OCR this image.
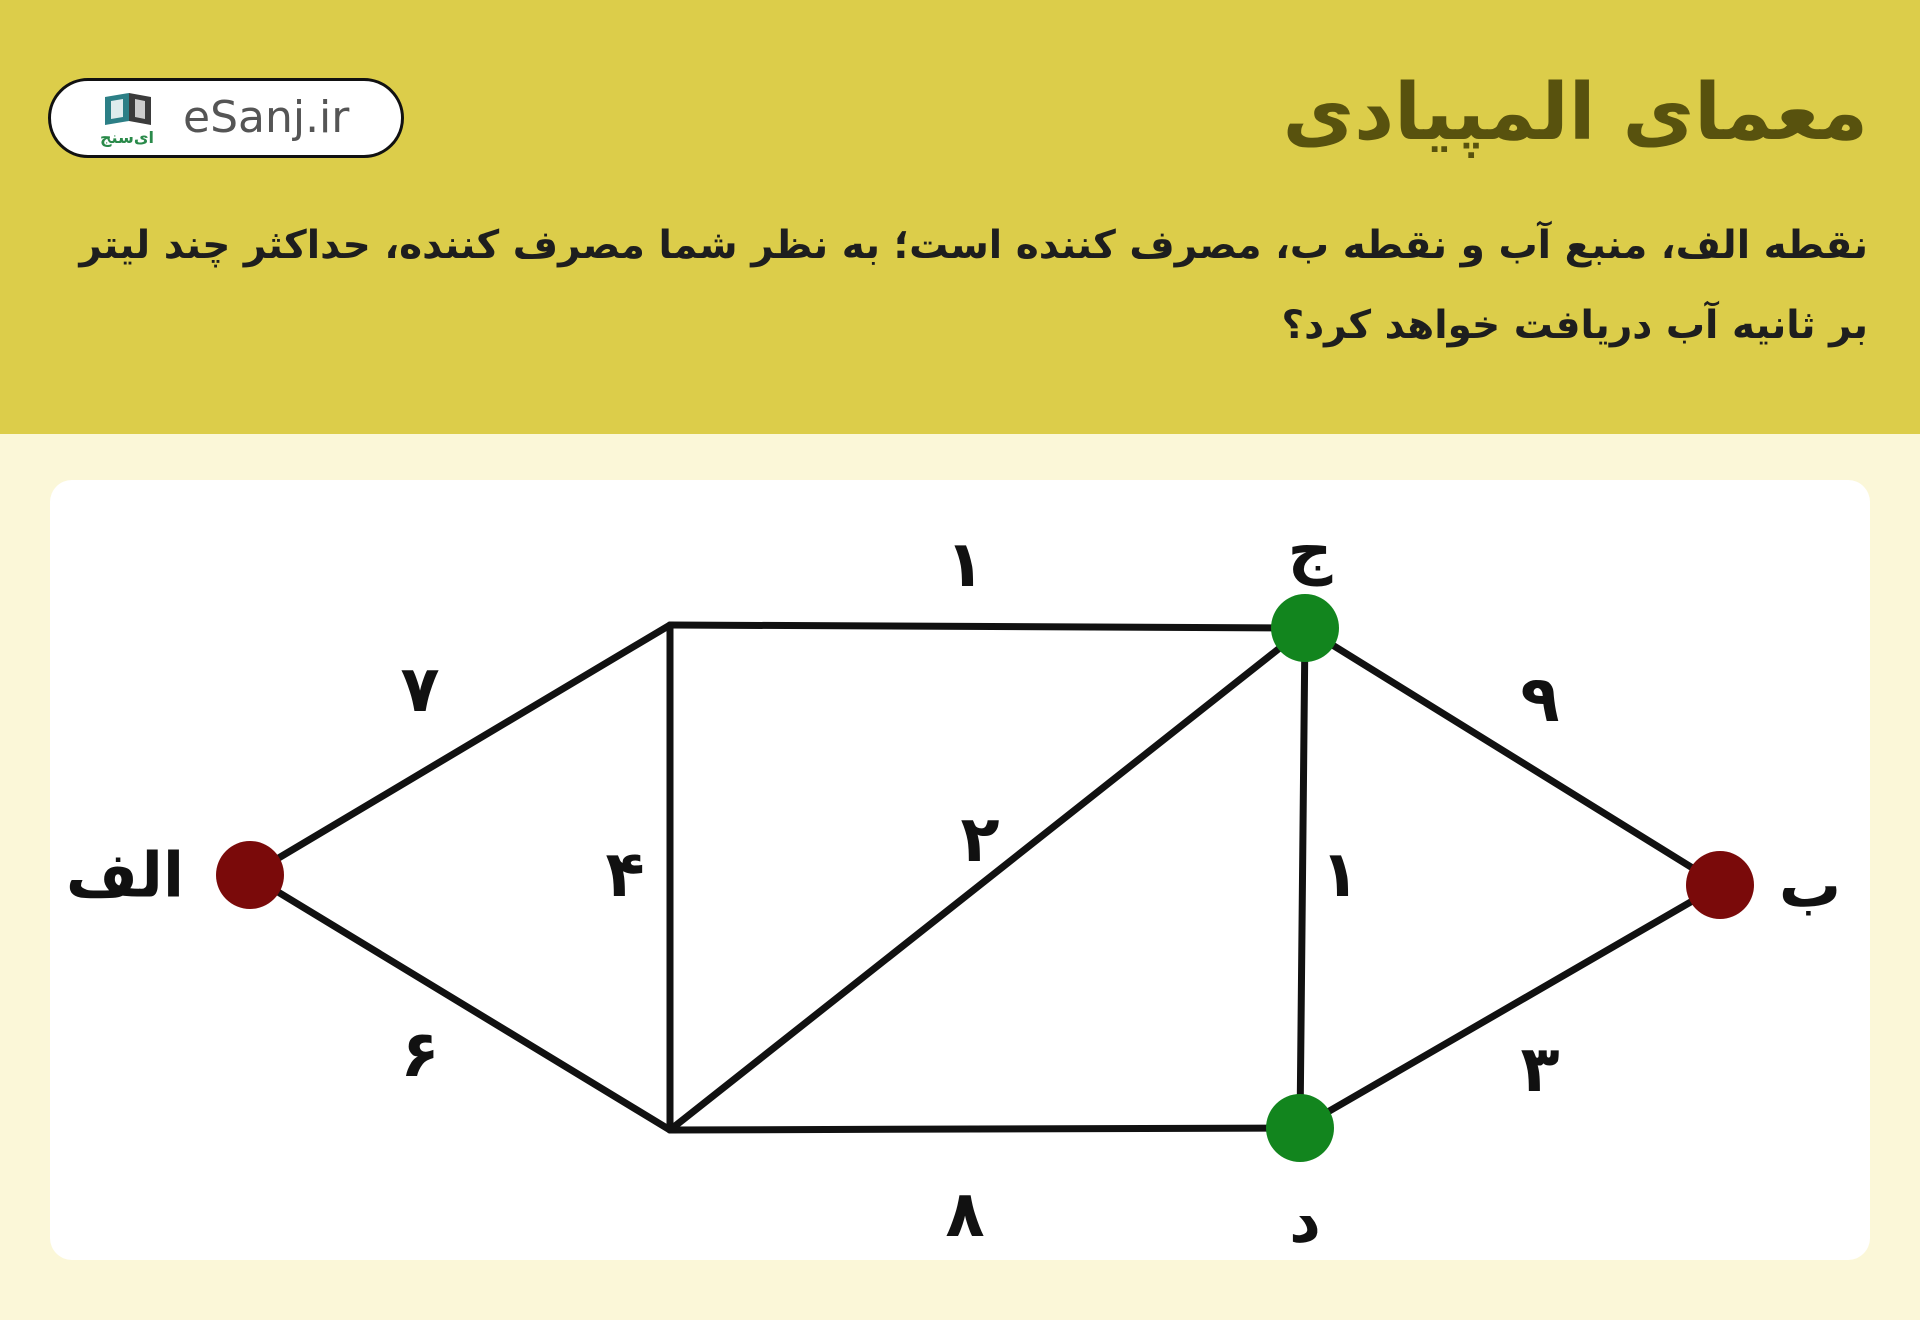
ای‌سنج eSanj.ir	معمای المپیادی

نقطه الف، منبع آب و نقطه ب، مصرف کننده است؛ به نظر شما مصرف کننده، حداکثر چند لیتر بر ثانیه آب دریافت خواهد کرد؟

۷
۶
۱
۴	۲
۸
۱
۹
۳
الف
ج
د
ب
